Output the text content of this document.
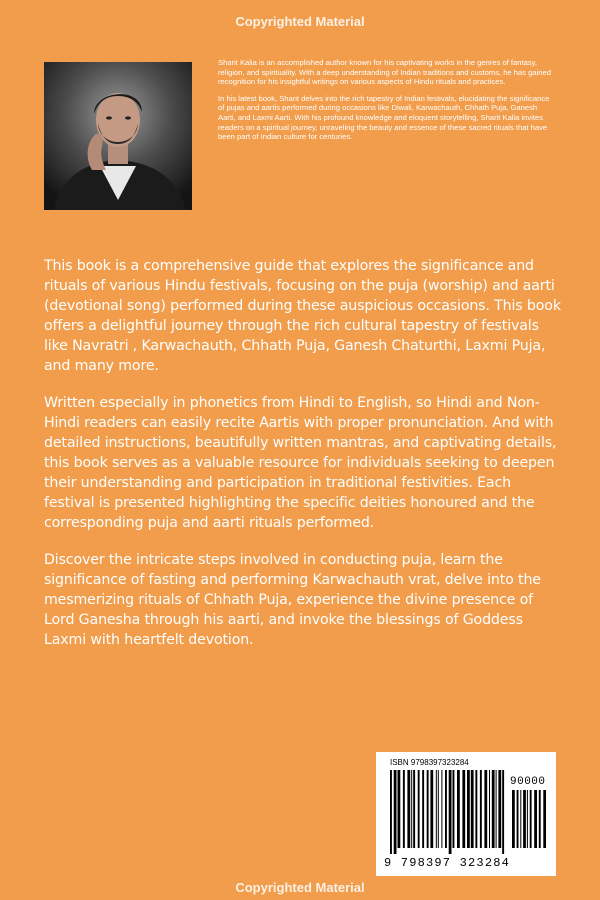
Copyrighted Material

Sharit Kalia is an accomplished author known for his captivating works in the genres of fantasy, religion, and spirituality. With a deep understanding of Indian traditions and customs, he has gained recognition for his insightful writings on various aspects of Hindu rituals and practices.

In his latest book, Sharit delves into the rich tapestry of Indian festivals, elucidating the significance of pujas and aartis performed during occasions like Diwali, Karwachauth, Chhath Puja, Ganesh Aarti, and Laxmi Aarti. With his profound knowledge and eloquent storytelling, Sharit Kalia invites readers on a spiritual journey, unraveling the beauty and essence of these sacred rituals that have been part of Indian culture for centuries.

This book is a comprehensive guide that explores the significance and rituals of various Hindu festivals, focusing on the puja (worship) and aarti (devotional song) performed during these auspicious occasions. This book offers a delightful journey through the rich cultural tapestry of festivals like Navratri , Karwachauth, Chhath Puja, Ganesh Chaturthi, Laxmi Puja, and many more.

Written especially in phonetics from Hindi to English, so Hindi and Non-Hindi readers can easily recite Aartis with proper pronunciation. And with detailed instructions, beautifully written mantras, and captivating details, this book serves as a valuable resource for individuals seeking to deepen their understanding and participation in traditional festivities. Each festival is presented highlighting the specific deities honoured and the corresponding puja and aarti rituals performed.

Discover the intricate steps involved in conducting puja, learn the significance of fasting and performing Karwachauth vrat, delve into the mesmerizing rituals of Chhath Puja, experience the divine presence of Lord Ganesha through his aarti, and invoke the blessings of Goddess Laxmi with heartfelt devotion.

ISBN 9798397323284
90000
9 798397 323284
Copyrighted Material
